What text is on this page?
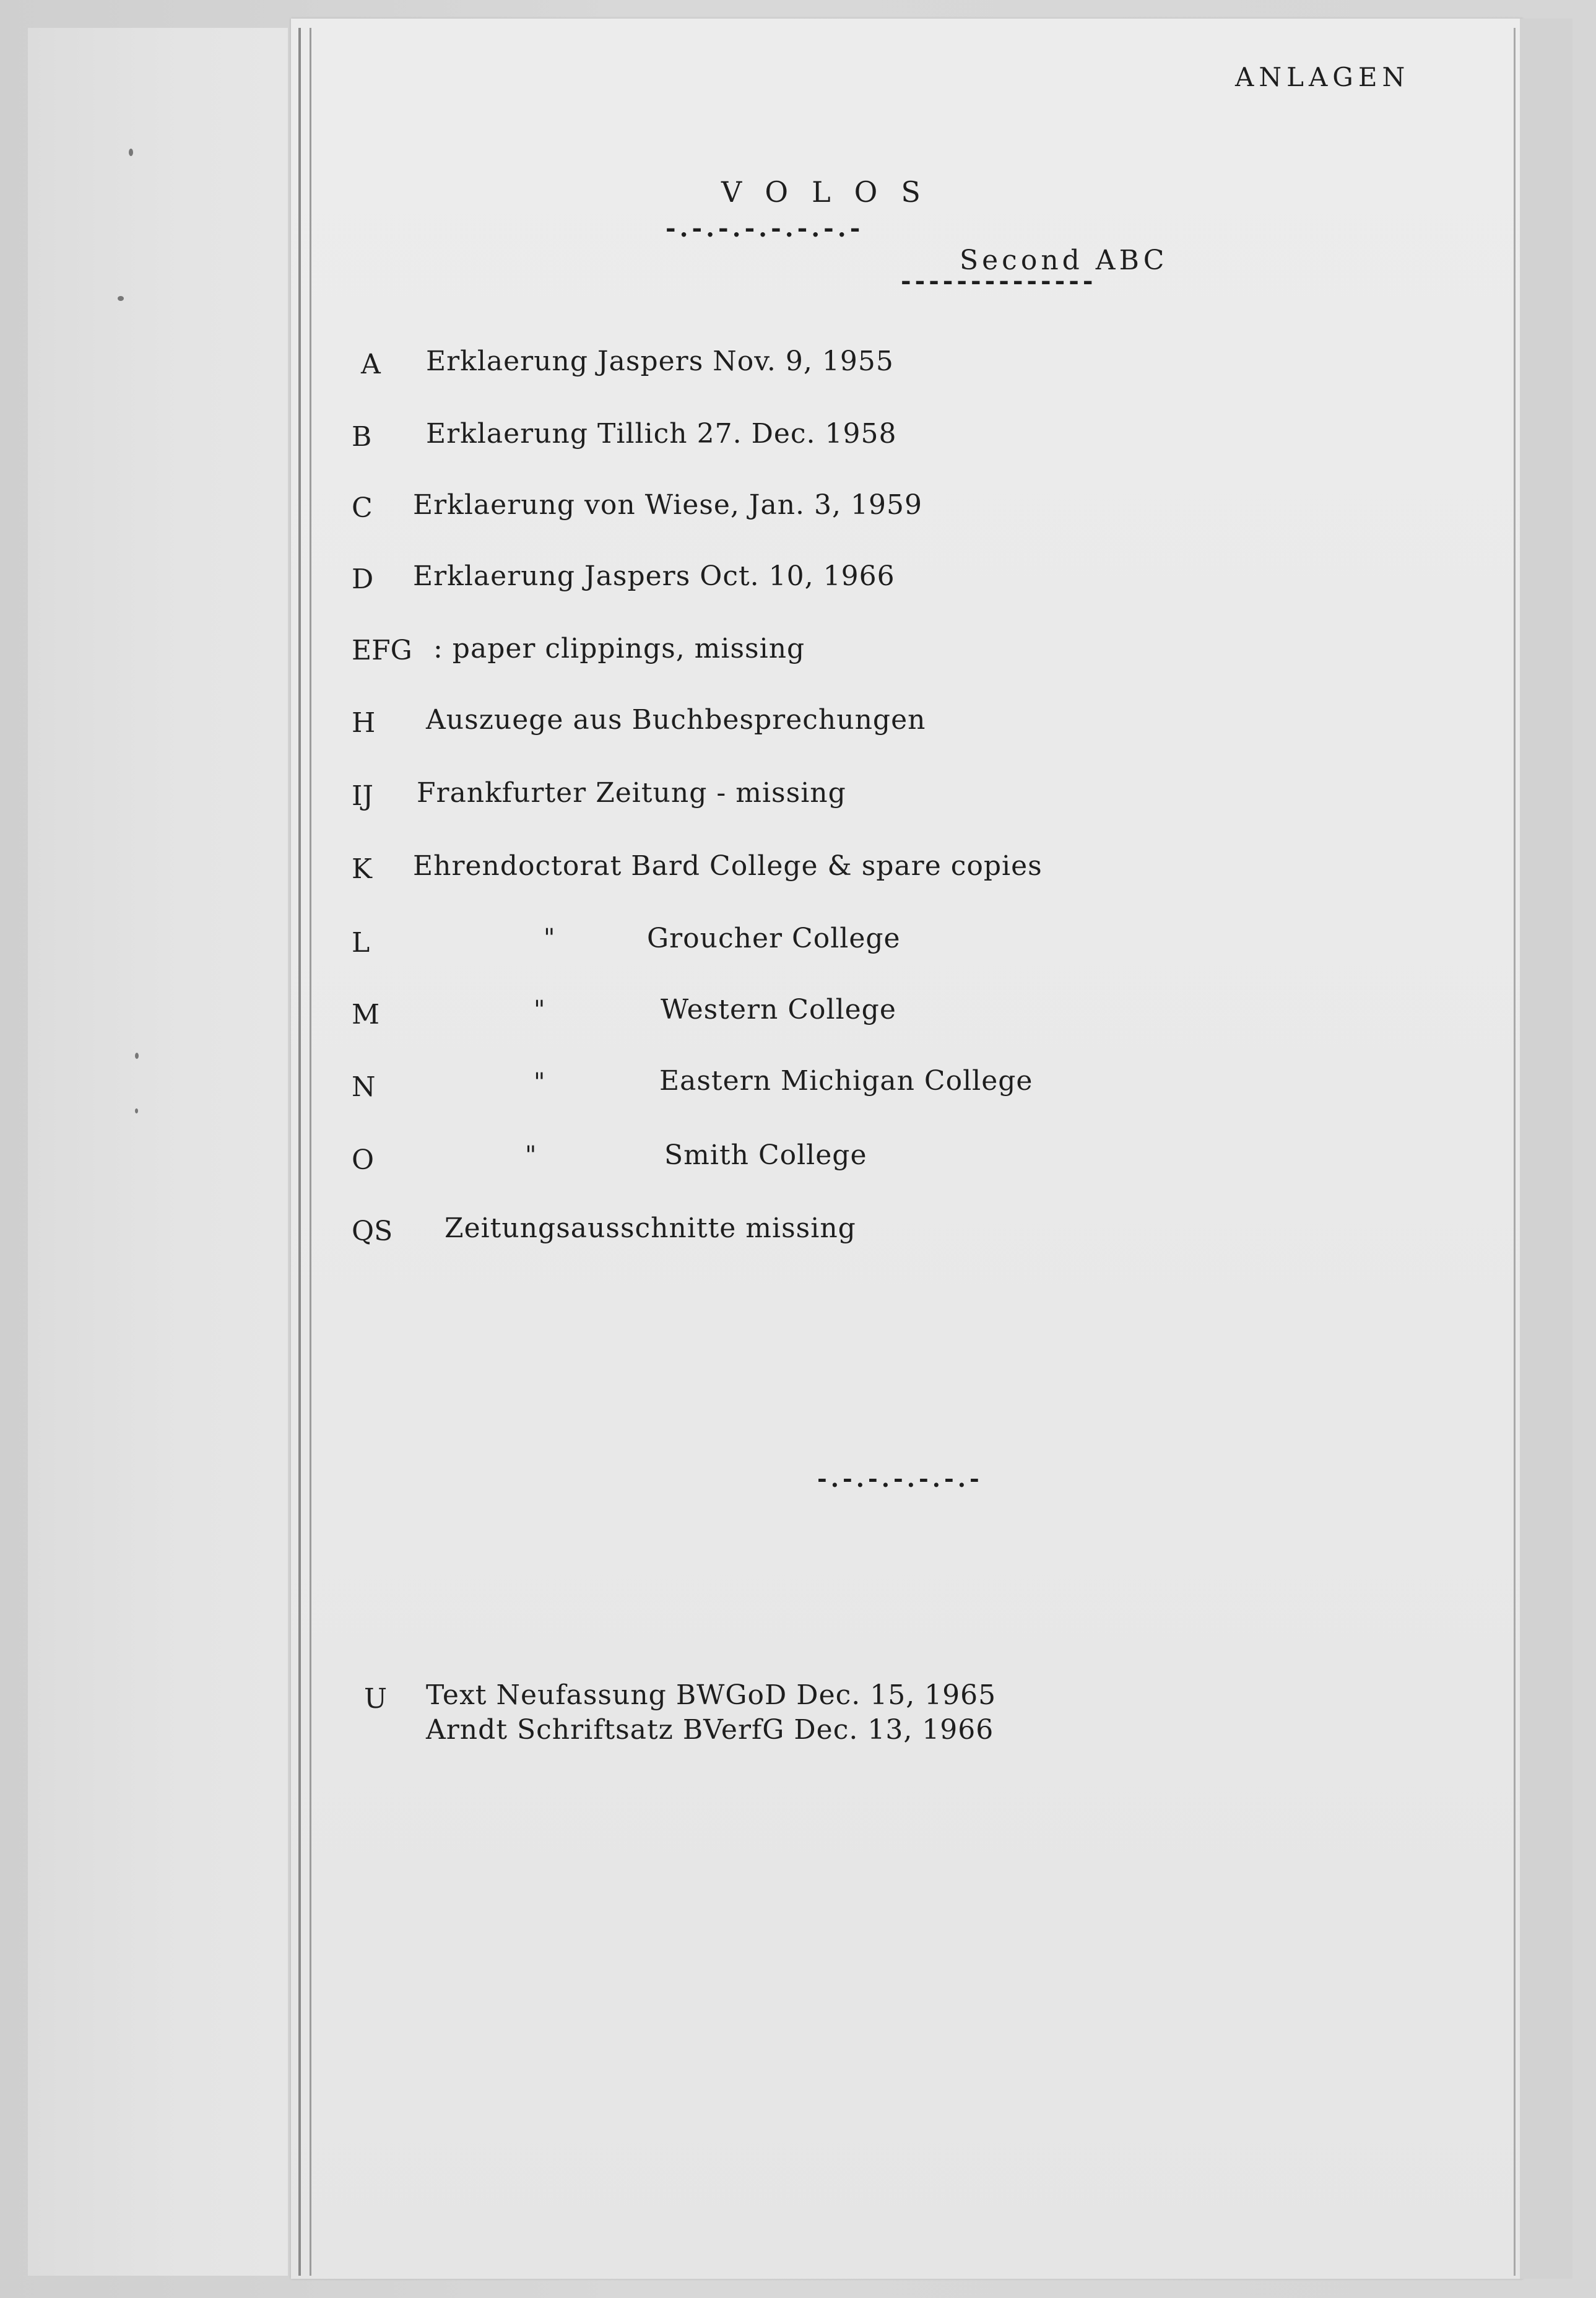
ANLAGEN
VOLOS
-.-.-.-.-.-.-.-
Second ABC
--------------
A Erklaerung Jaspers Nov. 9, 1955
B Erklaerung Tillich 27. Dec. 1958
C Erklaerung von Wiese, Jan. 3, 1959
D Erklaerung Jaspers Oct. 10, 1966
EFG : paper clippings, missing
H Auszuege aus Buchbesprechungen
IJ Frankfurter Zeitung - missing
K Ehrendoctorat Bard College & spare copies
L	"	Groucher College
M	"	Western College
N	"	Eastern Michigan College
O	"	Smith College
QS Zeitungsausschnitte missing
-.-.-.-.-.-.-
U Text Neufassung BWGoD Dec. 15, 1965
Arndt Schriftsatz BVerfG Dec. 13, 1966
